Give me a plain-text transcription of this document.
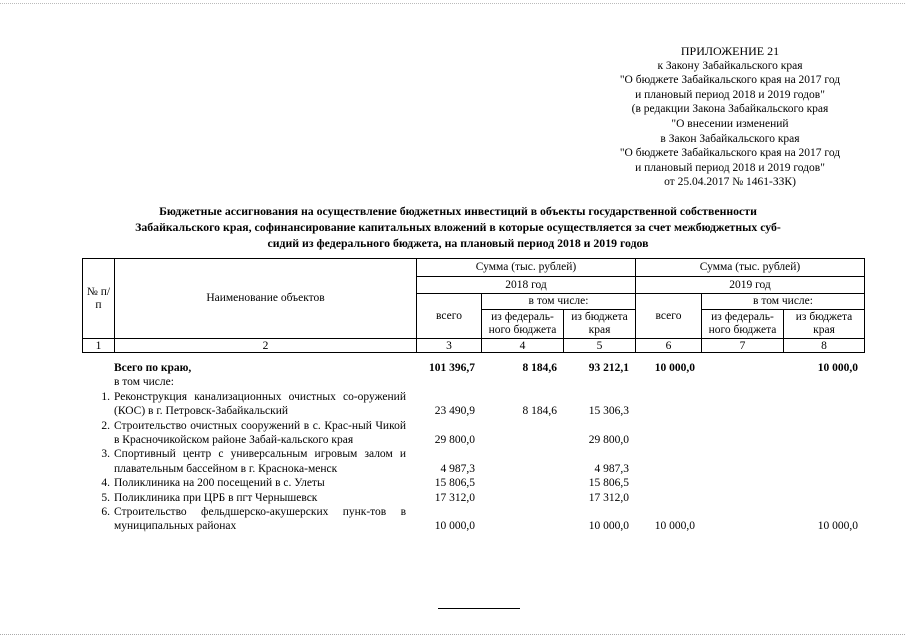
ПРИЛОЖЕНИЕ 21
к Закону Забайкальского края
"О бюджете Забайкальского края на 2017 год
и плановый период 2018 и 2019 годов"
(в редакции Закона Забайкальского края
"О внесении изменений
в Закон Забайкальского края
"О бюджете Забайкальского края на 2017 год
и плановый период 2018 и 2019 годов"
от 25.04.2017 № 1461-ЗЗК)
Бюджетные ассигнования на осуществление бюджетных инвестиций в объекты государственной собственности
Забайкальского края, софинансирование капитальных вложений в которые осуществляется за счет межбюджетных суб-
сидий из федерального бюджета, на плановый период 2018 и 2019 годов
№ п/п	Наименование объектов	Сумма (тыс. рублей)			Сумма (тыс. рублей)		
		2018 год			2019 год		
		всего	в том числе:		всего	в том числе:	
			из федераль-ного бюджета	из бюджета края		из федераль-ного бюджета	из бюджета края
1	2	3	4	5	6	7	8
	Всего по краю,	101 396,7	8 184,6	93 212,1	10 000,0		10 000,0
	в том числе:						
1.	Реконструкция канализационных очистных со-оружений (КОС) в г. Петровск-Забайкальский	23 490,9	8 184,6	15 306,3			
2.	Строительство очистных сооружений в с. Крас-ный Чикой в Красночикойском районе Забай-кальского края	29 800,0		29 800,0			
3.	Спортивный центр с универсальным игровым залом и плавательным бассейном в г. Краснока-менск	4 987,3		4 987,3			
4.	Поликлиника на 200 посещений в с. Улеты	15 806,5		15 806,5			
5.	Поликлиника при ЦРБ в пгт Чернышевск	17 312,0		17 312,0			
6.	Строительство фельдшерско-акушерских пунк-тов в муниципальных районах	10 000,0		10 000,0	10 000,0		10 000,0
